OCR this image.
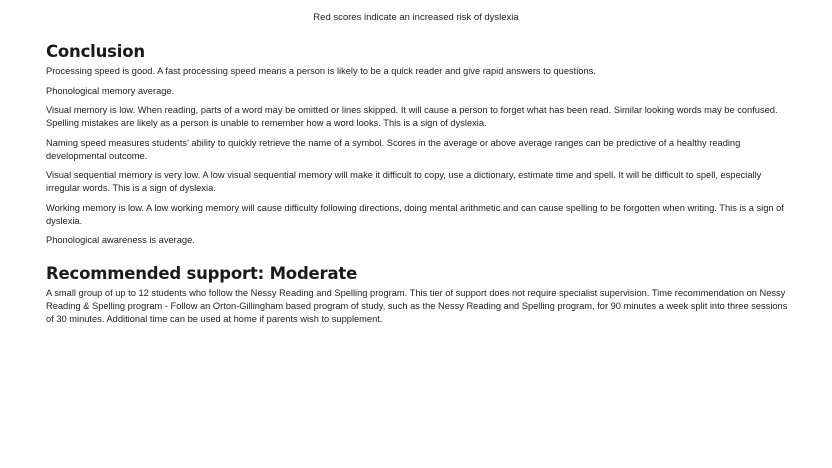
Red scores indicate an increased risk of dyslexia
Conclusion

Processing speed is good. A fast processing speed means a person is likely to be a quick reader and give rapid answers to questions.

Phonological memory average.

Visual memory is low. When reading, parts of a word may be omitted or lines skipped. It will cause a person to forget what has been read. Similar looking words may be confused. Spelling mistakes are likely as a person is unable to remember how a word looks. This is a sign of dyslexia.

Naming speed measures students' ability to quickly retrieve the name of a symbol. Scores in the average or above average ranges can be predictive of a healthy reading developmental outcome.

Visual sequential memory is very low. A low visual sequential memory will make it difficult to copy, use a dictionary, estimate time and spell. It will be difficult to spell, especially irregular words. This is a sign of dyslexia.

Working memory is low. A low working memory will cause difficulty following directions, doing mental arithmetic and can cause spelling to be forgotten when writing. This is a sign of dyslexia.

Phonological awareness is average.

Recommended support: Moderate

A small group of up to 12 students who follow the Nessy Reading and Spelling program. This tier of support does not require specialist supervision. Time recommendation on Nessy Reading & Spelling program - Follow an Orton-Gillingham based program of study, such as the Nessy Reading and Spelling program, for 90 minutes a week split into three sessions of 30 minutes. Additional time can be used at home if parents wish to supplement.
